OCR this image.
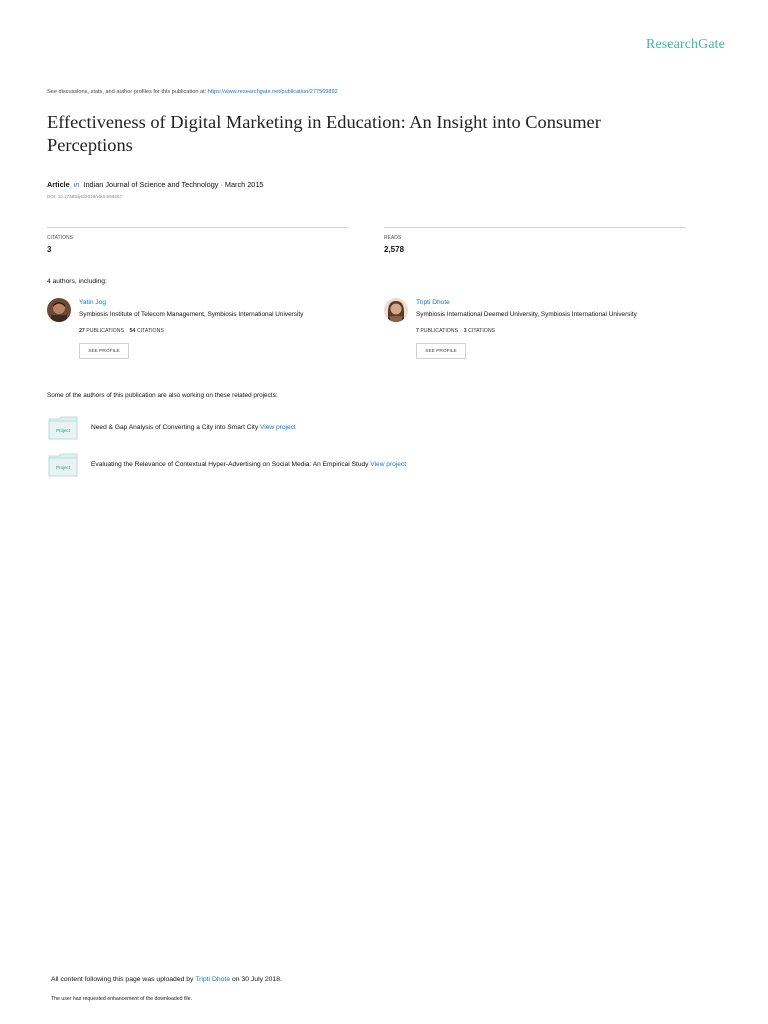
ResearchGate
See discussions, stats, and author profiles for this publication at: https://www.researchgate.net/publication/277569892
Effectiveness of Digital Marketing in Education: An Insight into Consumer Perceptions
Article in Indian Journal of Science and Technology · March 2015
DOI: 10.17485/ijst/2015/v8iS4/69267
CITATIONS
3
READS
2,578
4 authors, including:
Yatin Jog
Symbiosis Institute of Telecom Management, Symbiosis International University
27 PUBLICATIONS 54 CITATIONS
SEE PROFILE
Tripti Dhote
Symbiosis International Deemed University, Symbiosis International University
7 PUBLICATIONS 3 CITATIONS
SEE PROFILE
Some of the authors of this publication are also working on these related projects:
Project	Need & Gap Analysis of Converting a City into Smart City View project
Project	Evaluating the Relevance of Contextual Hyper-Advertising on Social Media: An Empirical Study View project
All content following this page was uploaded by Tripti Dhote on 30 July 2018.
The user has requested enhancement of the downloaded file.
